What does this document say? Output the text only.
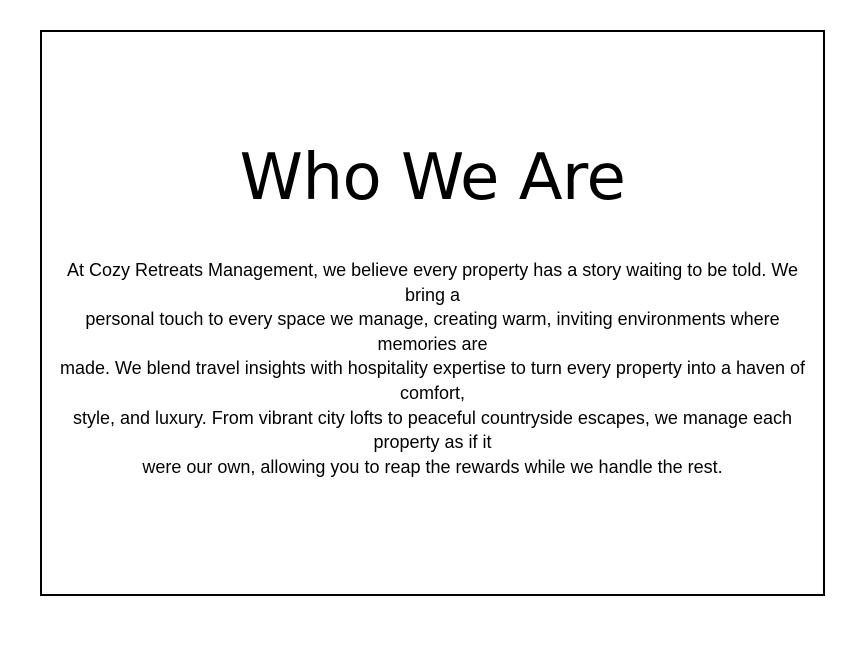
Who We Are

At Cozy Retreats Management, we believe every property has a story waiting to be told. We bring a
personal touch to every space we manage, creating warm, inviting environments where memories are
made. We blend travel insights with hospitality expertise to turn every property into a haven of comfort,
style, and luxury. From vibrant city lofts to peaceful countryside escapes, we manage each property as if it
were our own, allowing you to reap the rewards while we handle the rest.
